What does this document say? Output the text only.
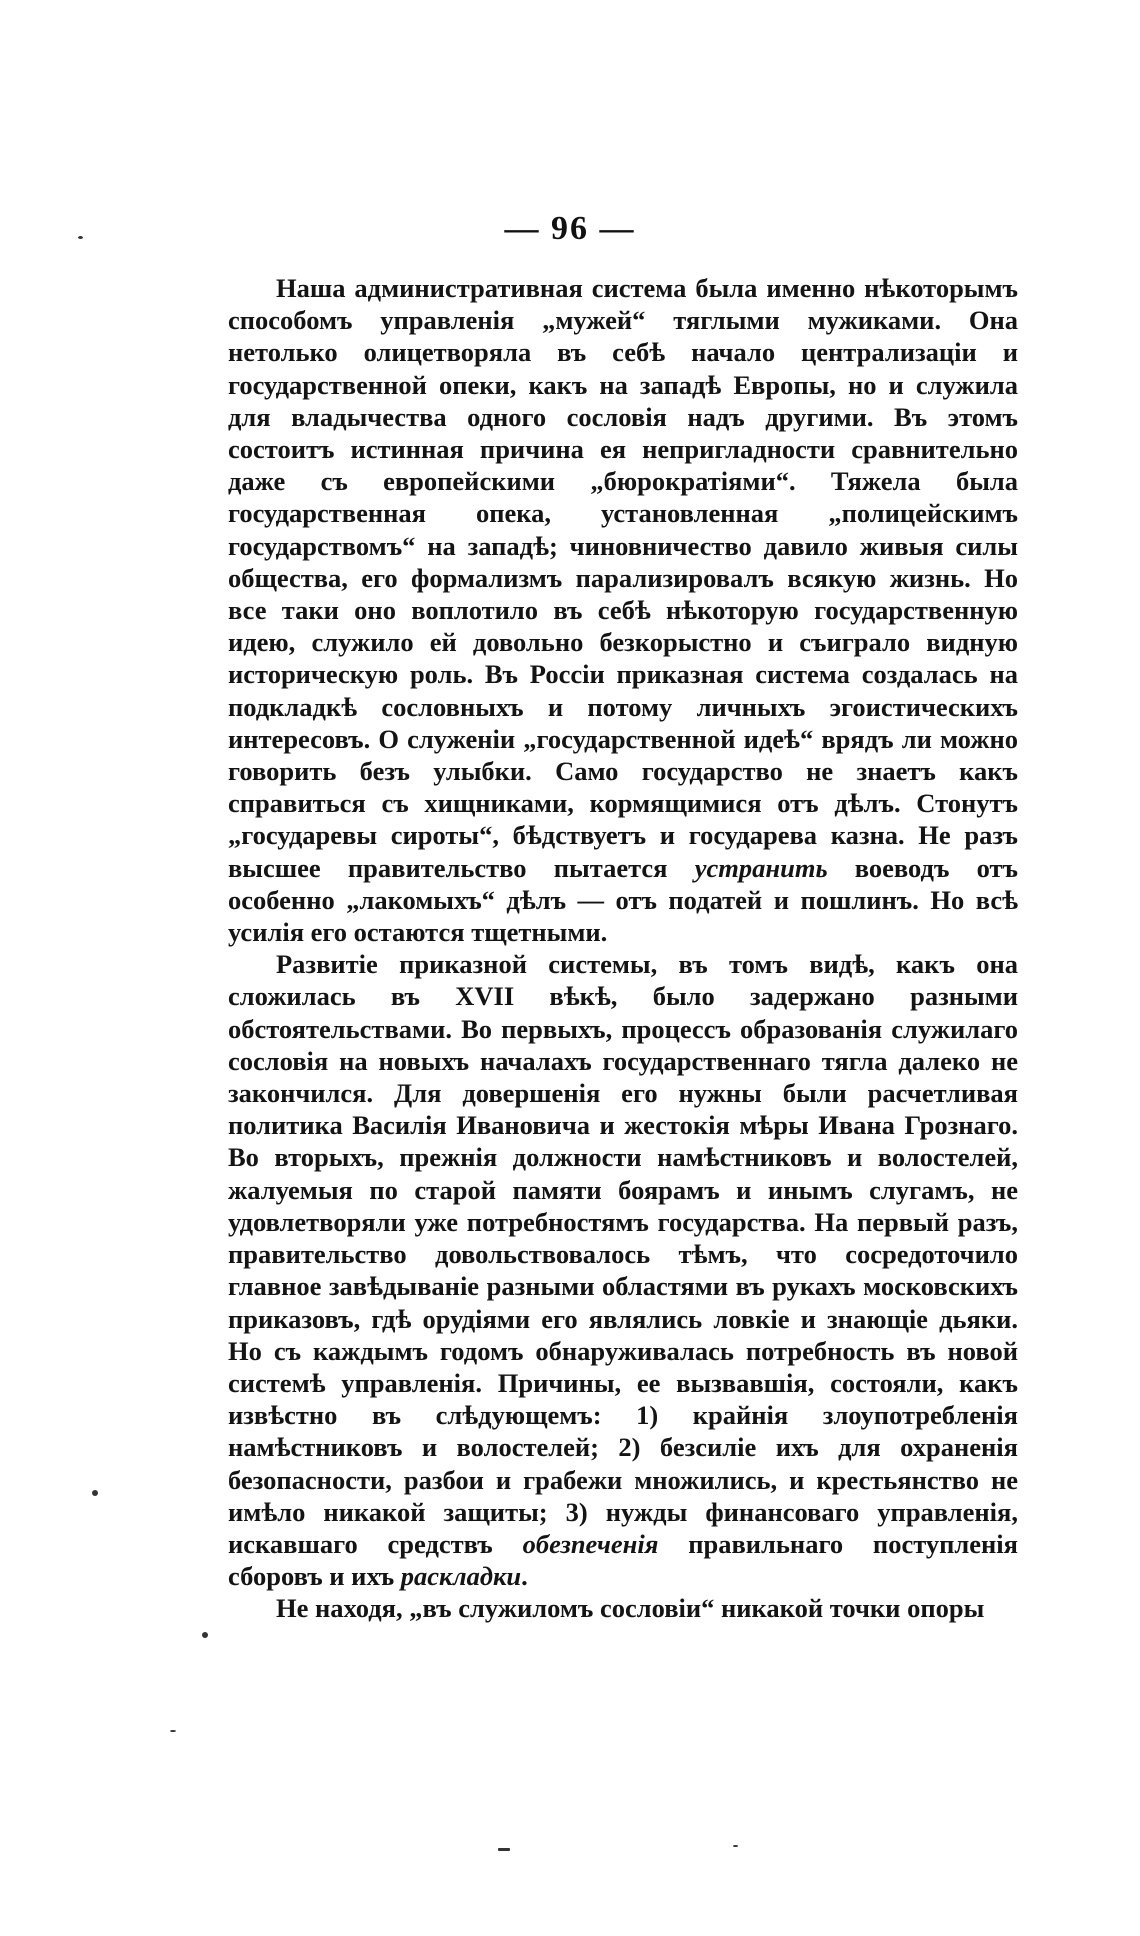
— 96 —

Наша административная система была именно нѣкоторымъ способомъ управленія „мужей“ тяглыми мужиками. Она нетолько олицетворяла въ себѣ начало централизаціи и государственной опеки, какъ на западѣ Европы, но и служила для владычества одного сословія надъ другими. Въ этомъ состоитъ истинная причина ея непригладности сравнительно даже съ европейскими „бюрократіями“. Тяжела была государственная опека, установленная „полицейскимъ государствомъ“ на западѣ; чиновничество давило живыя силы общества, его формализмъ парализировалъ всякую жизнь. Но все таки оно воплотило въ себѣ нѣкоторую государственную идею, служило ей довольно безкорыстно и съиграло видную историческую роль. Въ Россіи приказная система создалась на подкладкѣ сословныхъ и потому личныхъ эгоистическихъ интересовъ. О служеніи „государственной идеѣ“ врядъ ли можно говорить безъ улыбки. Само государство не знаетъ какъ справиться съ хищниками, кормящимися отъ дѣлъ. Стонутъ „государевы сироты“, бѣдствуетъ и государева казна. Не разъ высшее правительство пытается устранить воеводъ отъ особенно „лакомыхъ“ дѣлъ — отъ податей и пошлинъ. Но всѣ усилія его остаются тщетными.

Развитіе приказной системы, въ томъ видѣ, какъ она сложилась въ XVII вѣкѣ, было задержано разными обстоятельствами. Во первыхъ, процессъ образованія служилаго сословія на новыхъ началахъ государственнаго тягла далеко не закончился. Для довершенія его нужны были расчетливая политика Василія Ивановича и жестокія мѣры Ивана Грознаго. Во вторыхъ, прежнія должности намѣстниковъ и волостелей, жалуемыя по старой памяти боярамъ и инымъ слугамъ, не удовлетворяли уже потребностямъ государства. На первый разъ, правительство довольствовалось тѣмъ, что сосредоточило главное завѣдываніе разными областями въ рукахъ московскихъ приказовъ, гдѣ орудіями его являлись ловкіе и знающіе дьяки. Но съ каждымъ годомъ обнаруживалась потребность въ новой системѣ управленія. Причины, ее вызвавшія, состояли, какъ извѣстно въ слѣдующемъ: 1) крайнія злоупотребленія намѣстниковъ и волостелей; 2) безсиліе ихъ для охраненія безопасности, разбои и грабежи множились, и крестьянство не имѣло никакой защиты; 3) нужды финансоваго управленія, искавшаго средствъ обезпеченія правильнаго поступленія сборовъ и ихъ раскладки.

Не находя, „въ служиломъ сословіи“ никакой точки опоры
